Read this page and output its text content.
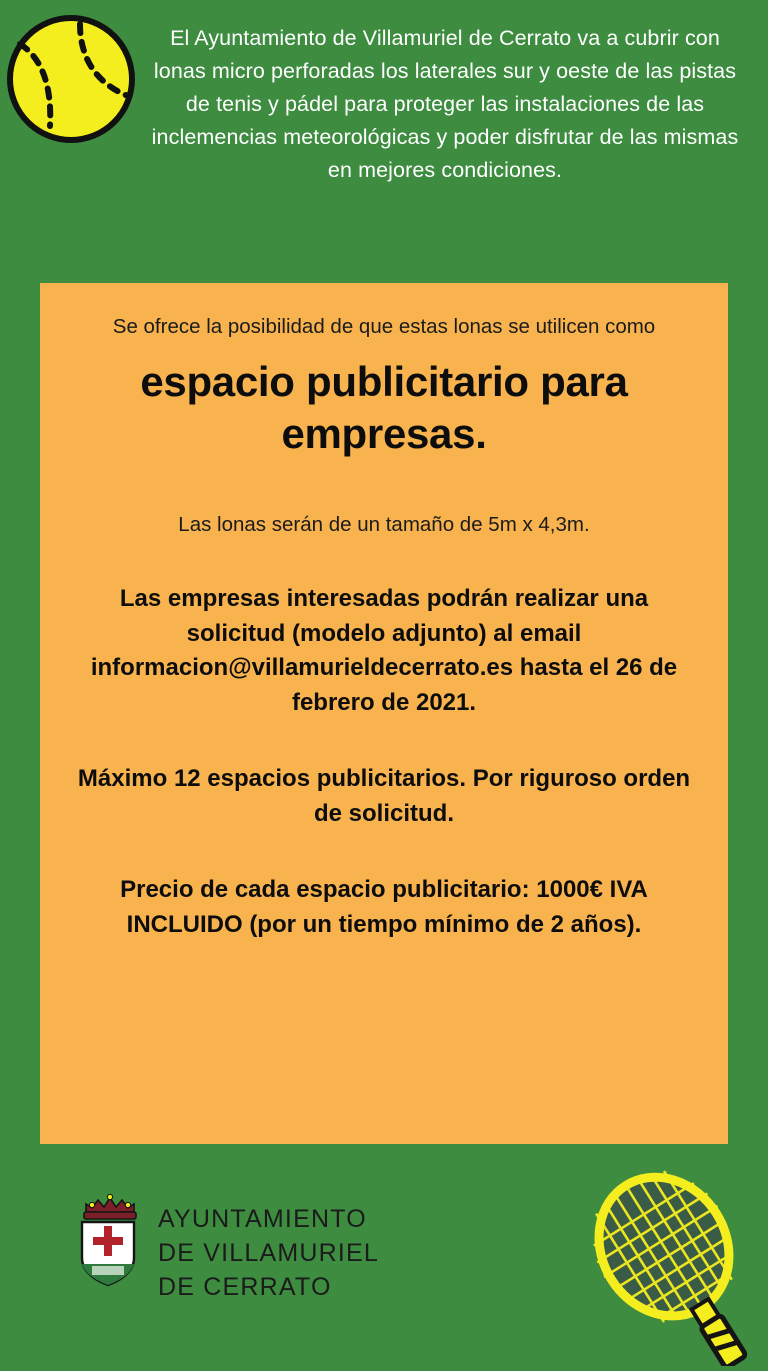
El Ayuntamiento de Villamuriel de Cerrato va a cubrir con lonas micro perforadas los laterales sur y oeste de las pistas de tenis y pádel para proteger las instalaciones de las inclemencias meteorológicas y poder disfrutar de las mismas en mejores condiciones.

Se ofrece la posibilidad de que estas lonas se utilicen como

espacio publicitario para empresas.

Las lonas serán de un tamaño de 5m x 4,3m.

Las empresas interesadas podrán realizar una solicitud (modelo adjunto) al email informacion@villamurieldecerrato.es hasta el 26 de febrero de 2021.

Máximo 12 espacios publicitarios. Por riguroso orden de solicitud.

Precio de cada espacio publicitario: 1000€ IVA INCLUIDO (por un tiempo mínimo de 2 años).

AYUNTAMIENTO
DE VILLAMURIEL
DE CERRATO
